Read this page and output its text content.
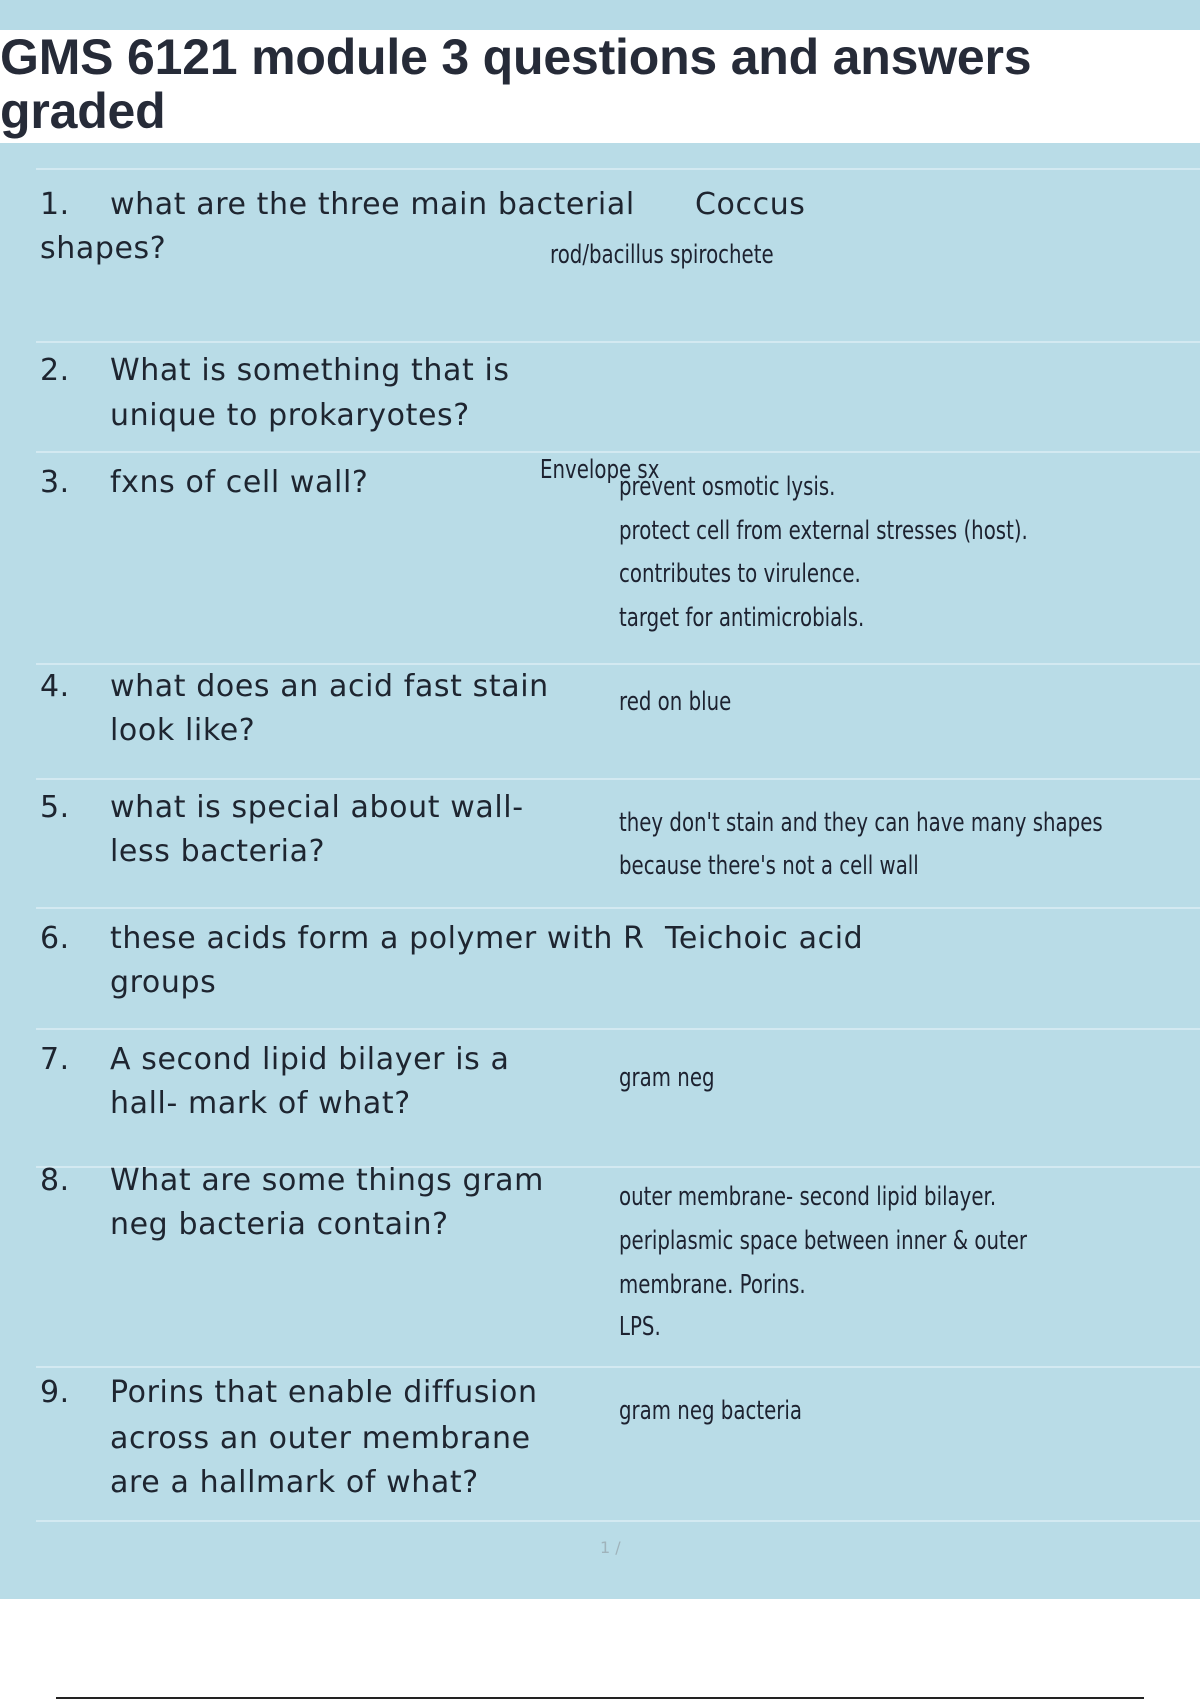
GMS 6121 module 3 questions and answers graded

1. what are the three main bacterial
shapes?
Coccus
rod/bacillus spirochete
Envelope sx
2. What is something that is
unique to prokaryotes?
3. fxns of cell wall?	prevent osmotic lysis.
protect cell from external stresses (host).
contributes to virulence.
target for antimicrobials.
4. what does an acid fast stain
look like?
red on blue
5. what is special about wall-
less bacteria?
they don't stain and they can have many shapes
because there's not a cell wall
6. these acids form a polymer with R
groups
Teichoic acid
7. A second lipid bilayer is a
hall- mark of what?
gram neg
8. What are some things gram
neg bacteria contain?
outer membrane- second lipid bilayer.
periplasmic space between inner & outer
membrane. Porins.
LPS.
9. Porins that enable diffusion
across an outer membrane
are a hallmark of what?
gram neg bacteria
1 /
